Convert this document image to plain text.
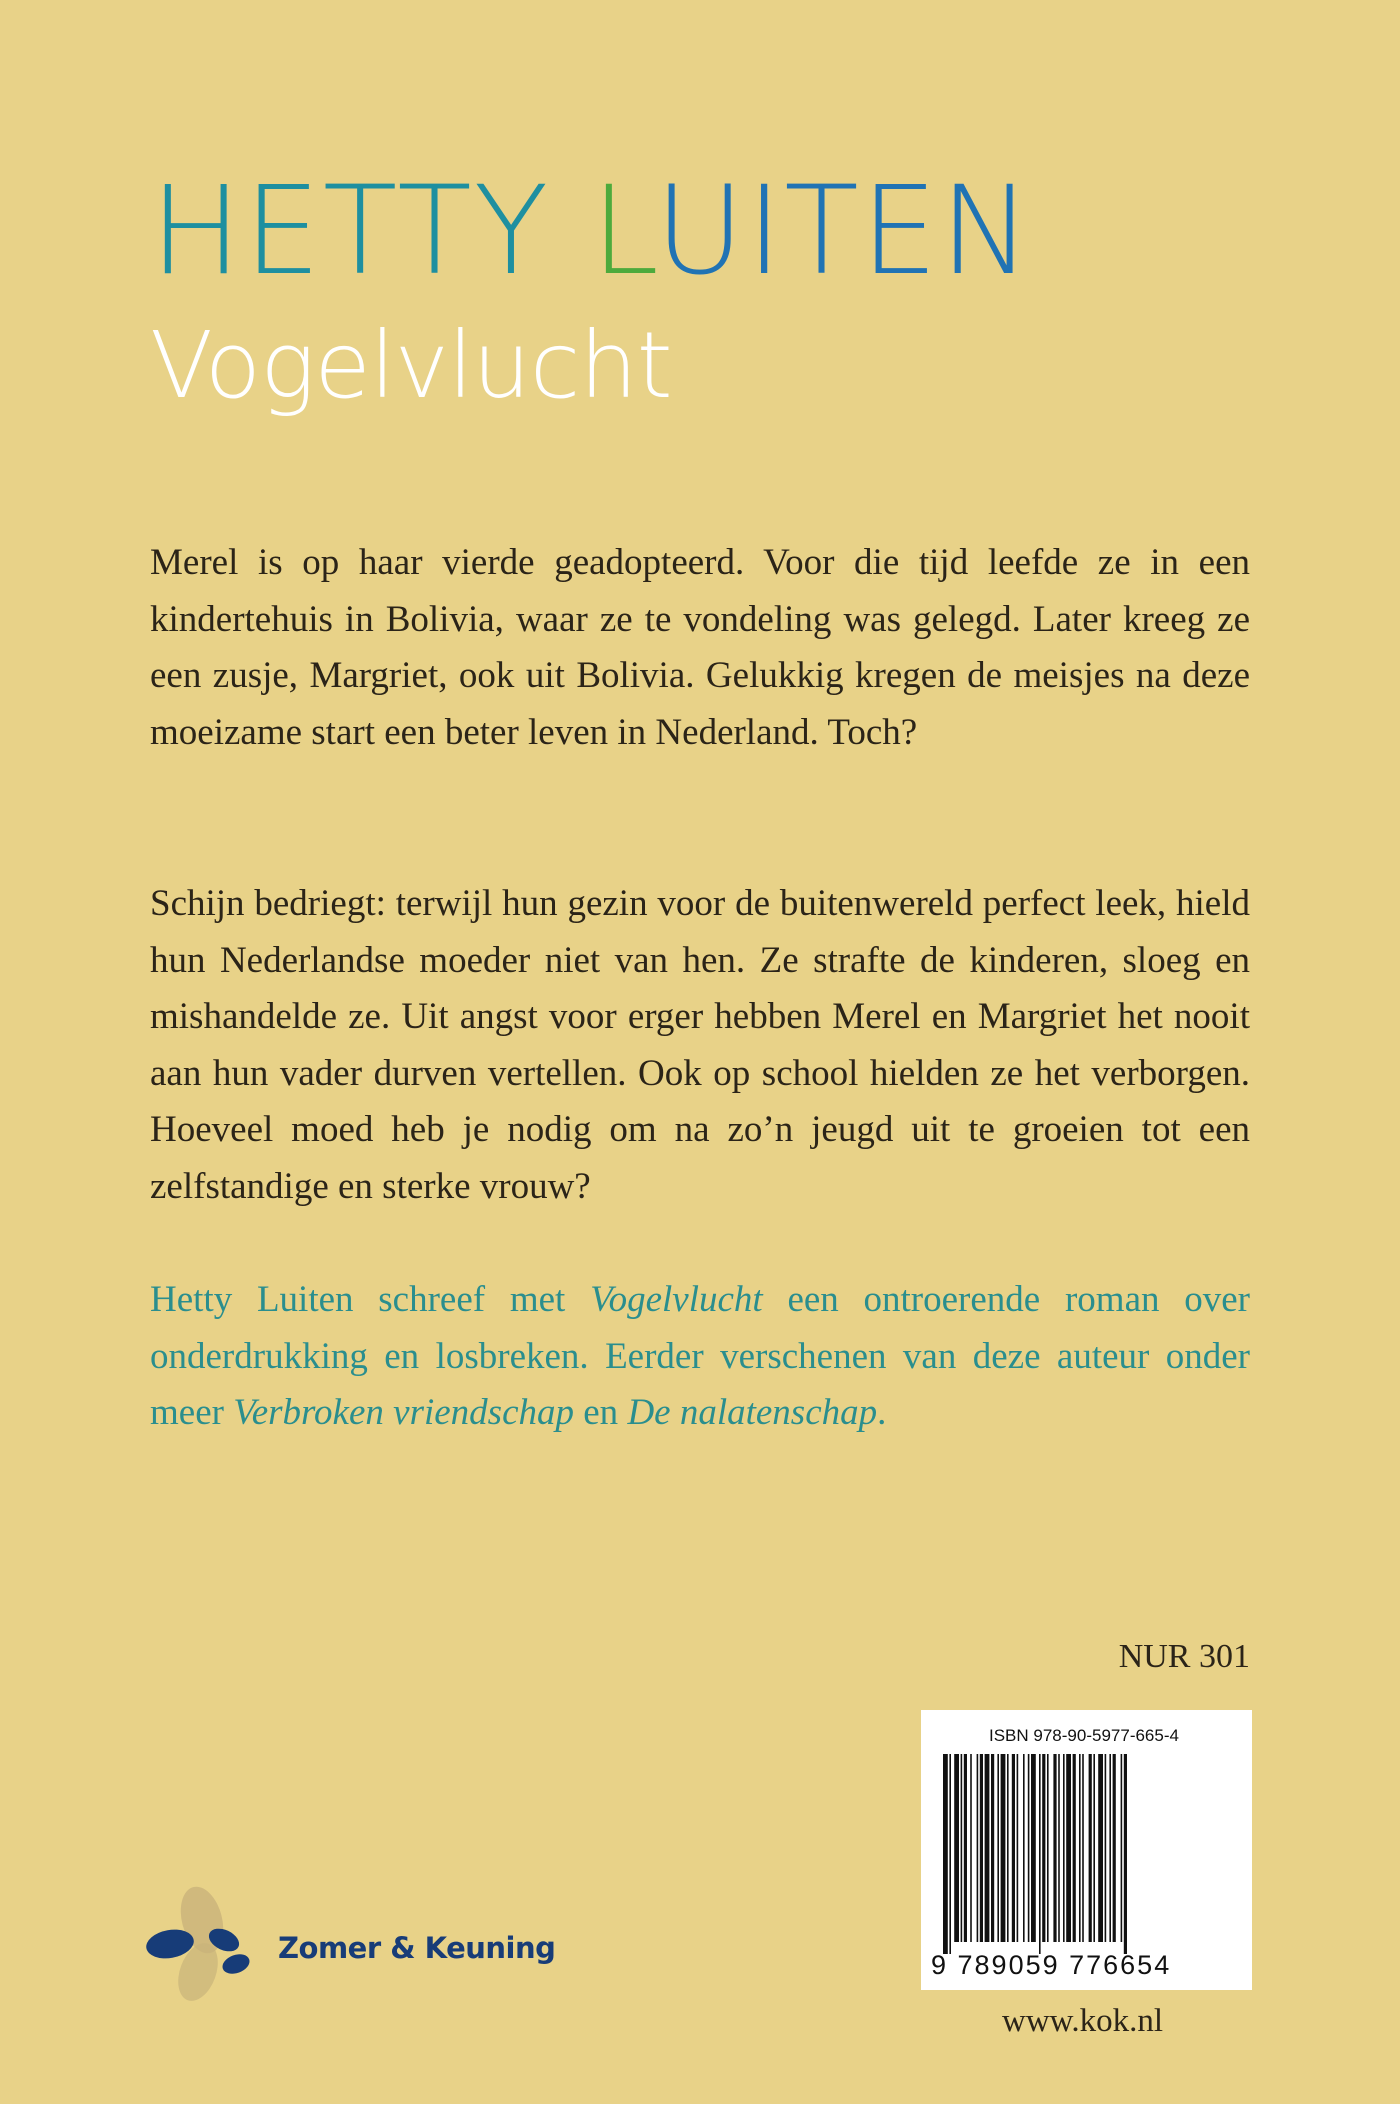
HETTY LUITEN
Vogelvlucht

Merel is op haar vierde geadopteerd. Voor die tijd leefde ze in een kindertehuis in Bolivia, waar ze te vondeling was gelegd. Later kreeg ze een zusje, Margriet, ook uit Bolivia. Gelukkig kregen de meisjes na deze moeizame start een beter leven in Nederland. Toch?

Schijn bedriegt: terwijl hun gezin voor de buitenwereld perfect leek, hield hun Nederlandse moeder niet van hen. Ze strafte de kinderen, sloeg en mishandelde ze. Uit angst voor erger hebben Merel en Margriet het nooit aan hun vader durven vertellen. Ook op school hielden ze het verborgen. Hoeveel moed heb je nodig om na zo’n jeugd uit te groeien tot een zelfstandige en sterke vrouw?

Hetty Luiten schreef met Vogelvlucht een ontroerende roman over onderdrukking en losbreken. Eerder verschenen van deze auteur onder meer Verbroken vriendschap en De nalatenschap.

NUR 301
ISBN 978-90-5977-665-4
9 789059 776654
Zomer & Keuning
www.kok.nl
